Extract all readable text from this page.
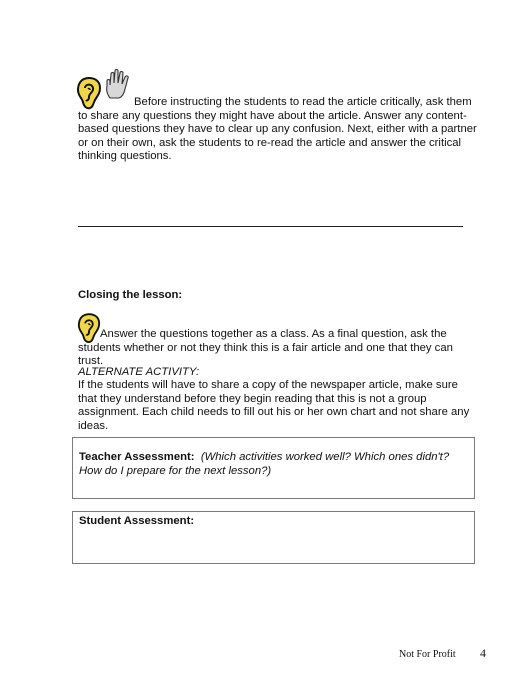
Before instructing the students to read the article critically, ask them to share any questions they might have about the article. Answer any content-based questions they have to clear up any confusion. Next, either with a partner or on their own, ask the students to re-read the article and answer the critical thinking questions.

Closing the lesson:

Answer the questions together as a class. As a final question, ask the students whether or not they think this is a fair article and one that they can trust.

ALTERNATE ACTIVITY:

If the students will have to share a copy of the newspaper article, make sure that they understand before they begin reading that this is not a group assignment. Each child needs to fill out his or her own chart and not share any ideas.

Teacher Assessment: (Which activities worked well? Which ones didn't? How do I prepare for the next lesson?)
Student Assessment:
Not For Profit 4
